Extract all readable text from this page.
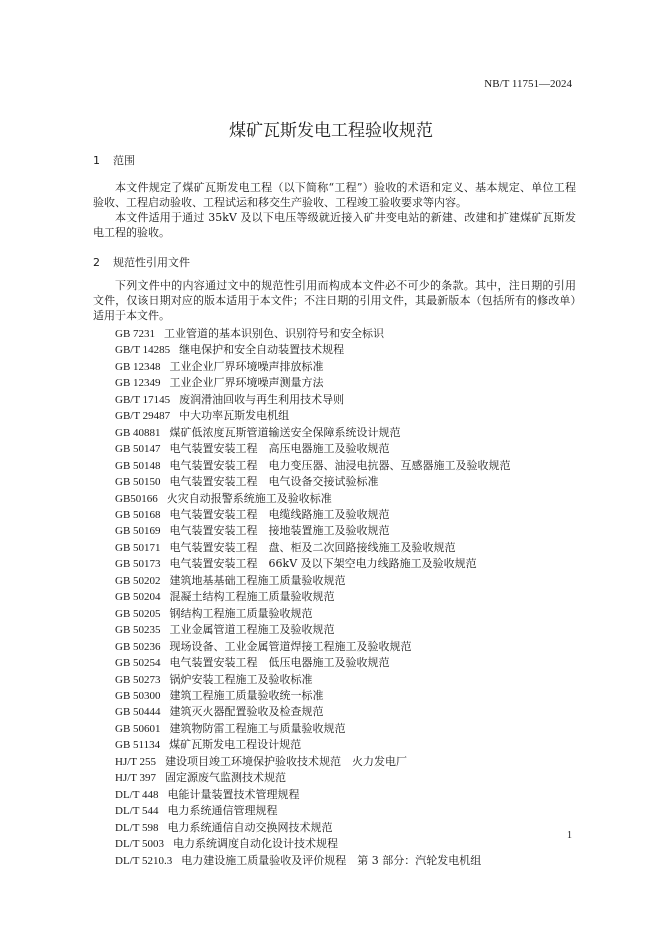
NB/T 11751—2024
煤矿瓦斯发电工程验收规范
1 范围
本文件规定了煤矿瓦斯发电工程（以下简称“工程”）验收的术语和定义、基本规定、单位工程验收、工程启动验收、工程试运和移交生产验收、工程竣工验收要求等内容。
本文件适用于通过 35kV 及以下电压等级就近接入矿井变电站的新建、改建和扩建煤矿瓦斯发电工程的验收。
2 规范性引用文件
下列文件中的内容通过文中的规范性引用而构成本文件必不可少的条款。其中，注日期的引用文件，仅该日期对应的版本适用于本文件；不注日期的引用文件，其最新版本（包括所有的修改单）适用于本文件。
GB 7231 工业管道的基本识别色、识别符号和安全标识
GB/T 14285 继电保护和安全自动装置技术规程
GB 12348 工业企业厂界环境噪声排放标准
GB 12349 工业企业厂界环境噪声测量方法
GB/T 17145 废润滑油回收与再生利用技术导则
GB/T 29487 中大功率瓦斯发电机组
GB 40881 煤矿低浓度瓦斯管道输送安全保障系统设计规范
GB 50147 电气装置安装工程　高压电器施工及验收规范
GB 50148 电气装置安装工程　电力变压器、油浸电抗器、互感器施工及验收规范
GB 50150 电气装置安装工程　电气设备交接试验标准
GB50166 火灾自动报警系统施工及验收标准
GB 50168 电气装置安装工程　电缆线路施工及验收规范
GB 50169 电气装置安装工程　接地装置施工及验收规范
GB 50171 电气装置安装工程　盘、柜及二次回路接线施工及验收规范
GB 50173 电气装置安装工程　66kV 及以下架空电力线路施工及验收规范
GB 50202 建筑地基基础工程施工质量验收规范
GB 50204 混凝土结构工程施工质量验收规范
GB 50205 钢结构工程施工质量验收规范
GB 50235 工业金属管道工程施工及验收规范
GB 50236 现场设备、工业金属管道焊接工程施工及验收规范
GB 50254 电气装置安装工程　低压电器施工及验收规范
GB 50273 锅炉安装工程施工及验收标准
GB 50300 建筑工程施工质量验收统一标准
GB 50444 建筑灭火器配置验收及检查规范
GB 50601 建筑物防雷工程施工与质量验收规范
GB 51134 煤矿瓦斯发电工程设计规范
HJ/T 255 建设项目竣工环境保护验收技术规范　火力发电厂
HJ/T 397 固定源废气监测技术规范
DL/T 448 电能计量装置技术管理规程
DL/T 544 电力系统通信管理规程
DL/T 598 电力系统通信自动交换网技术规范
DL/T 5003 电力系统调度自动化设计技术规程
DL/T 5210.3 电力建设施工质量验收及评价规程　第 3 部分：汽轮发电机组
1
